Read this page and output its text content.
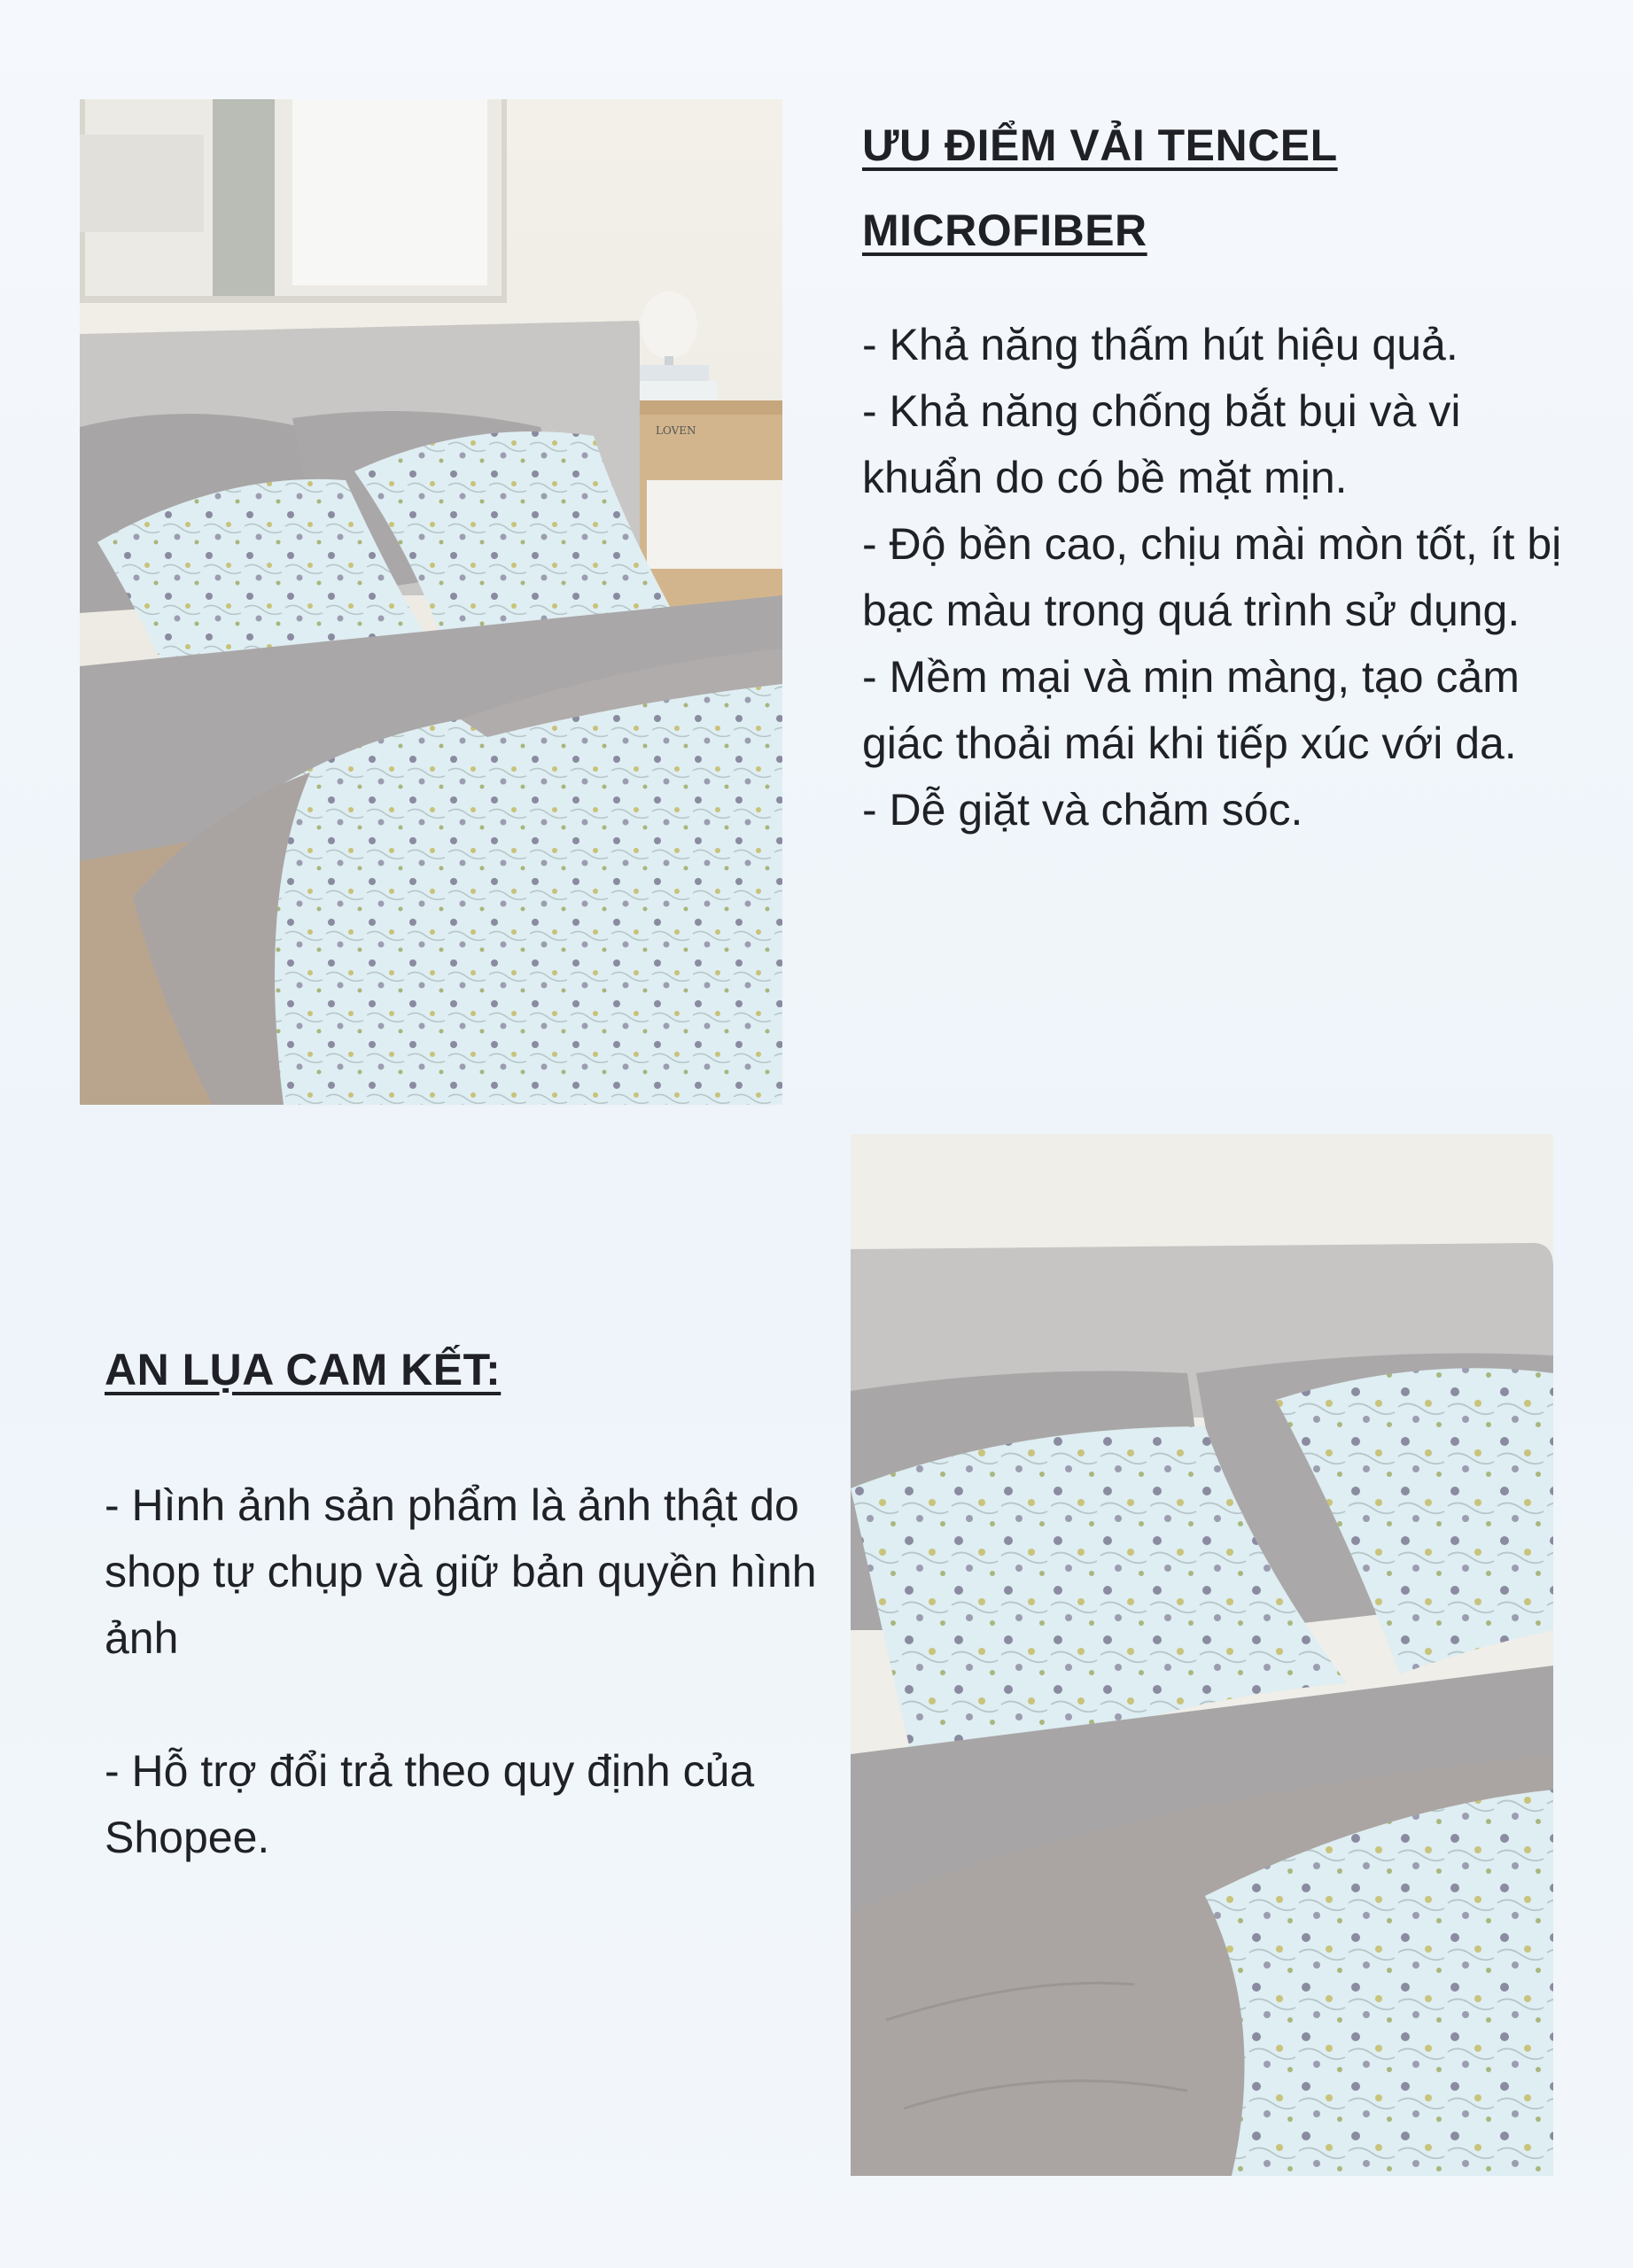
LOVEN
ƯU ĐIỂM VẢI TENCEL
MICROFIBER
- Khả năng thấm hút hiệu quả.
- Khả năng chống bắt bụi và vi khuẩn do có bề mặt mịn.
- Độ bền cao, chịu mài mòn tốt, ít bị bạc màu trong quá trình sử dụng.
- Mềm mại và mịn màng, tạo cảm giác thoải mái khi tiếp xúc với da.
- Dễ giặt và chăm sóc.
AN LỤA CAM KẾT:
- Hình ảnh sản phẩm là ảnh thật do shop tự chụp và giữ bản quyền hình ảnh
- Hỗ trợ đổi trả theo quy định của Shopee.
